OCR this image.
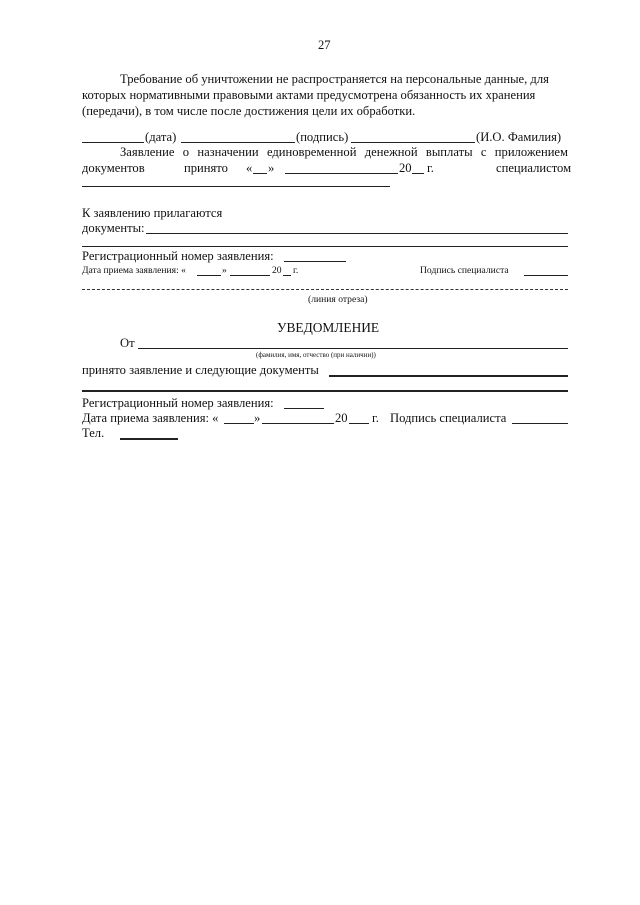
27
Требование об уничтожении не распространяется на персональные данные, для
которых нормативными правовыми актами предусмотрена обязанность их хранения
(передачи), в том числе после достижения цели их обработки.
(дата)	(подпись)	(И.О. Фамилия)
Заявление о назначении единовременной денежной выплаты с приложением
документов	принято « »	20 г.	специалистом
К заявлению прилагаются
документы:
Регистрационный номер заявления:
Дата приема заявления: «	»	20 г.	Подпись специалиста
(линия отреза)
УВЕДОМЛЕНИЕ
От
(фамилия, имя, отчество (при наличии))
принято заявление и следующие документы
Регистрационный номер заявления:
Дата приема заявления: «	»	20 г. Подпись специалиста
Тел.
